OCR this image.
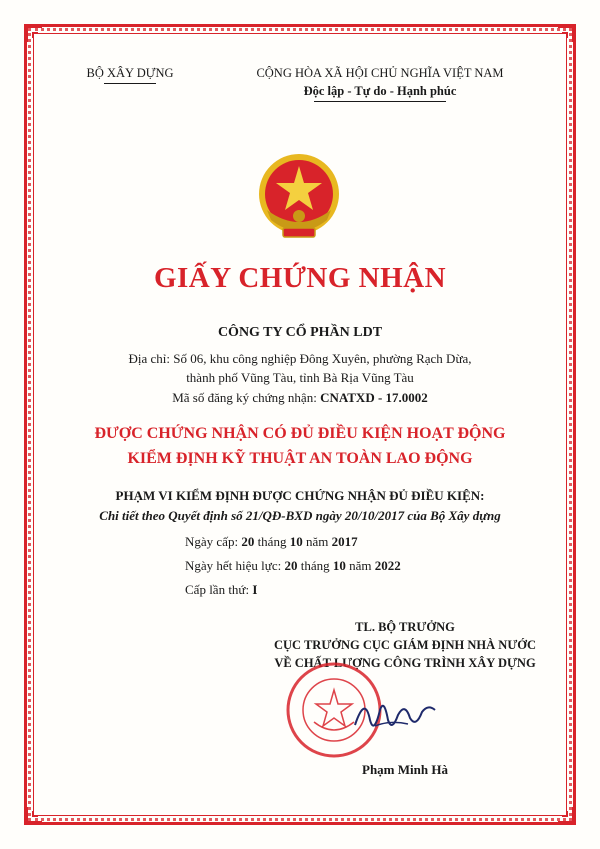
BỘ XÂY DỰNG	CỘNG HÒA XÃ HỘI CHỦ NGHĨA VIỆT NAM
Độc lập - Tự do - Hạnh phúc
GIẤY CHỨNG NHẬN
CÔNG TY CỔ PHẦN LDT
Địa chỉ: Số 06, khu công nghiệp Đông Xuyên, phường Rạch Dừa,
thành phố Vũng Tàu, tỉnh Bà Rịa Vũng Tàu
Mã số đăng ký chứng nhận: CNATXD - 17.0002
ĐƯỢC CHỨNG NHẬN CÓ ĐỦ ĐIỀU KIỆN HOẠT ĐỘNG
KIỂM ĐỊNH KỸ THUẬT AN TOÀN LAO ĐỘNG
PHẠM VI KIỂM ĐỊNH ĐƯỢC CHỨNG NHẬN ĐỦ ĐIỀU KIỆN:
Chi tiết theo Quyết định số 21/QĐ-BXD ngày 20/10/2017 của Bộ Xây dựng
Ngày cấp: 20 tháng 10 năm 2017
Ngày hết hiệu lực: 20 tháng 10 năm 2022
Cấp lần thứ: I
TL. BỘ TRƯỞNG
CỤC TRƯỞNG CỤC GIÁM ĐỊNH NHÀ NƯỚC
VỀ CHẤT LƯỢNG CÔNG TRÌNH XÂY DỰNG
Phạm Minh Hà
